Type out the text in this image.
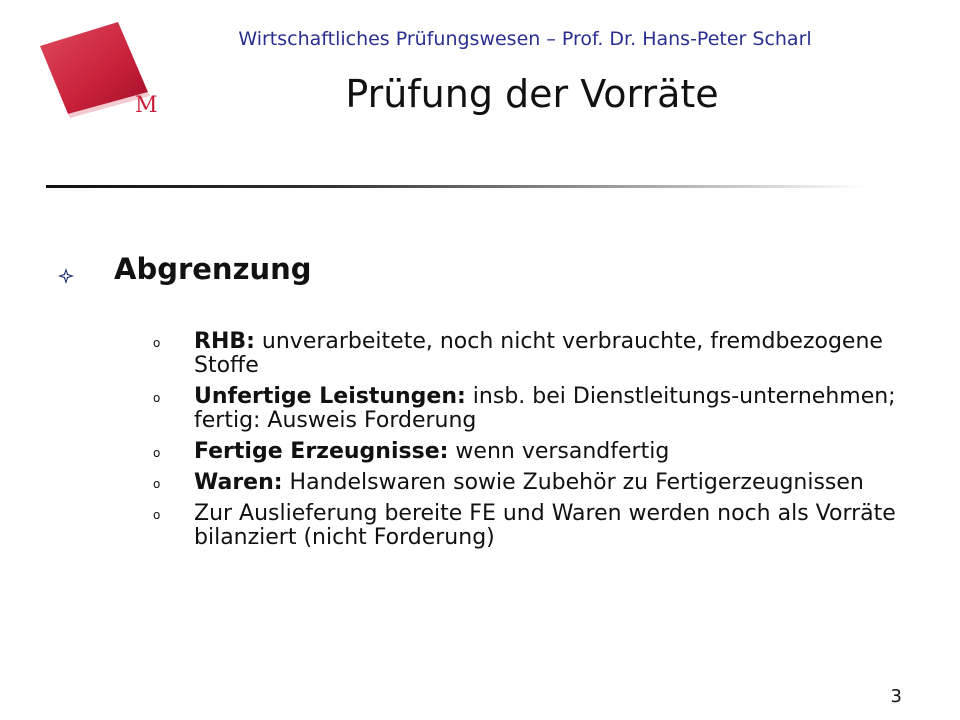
M
Wirtschaftliches Prüfungswesen – Prof. Dr. Hans-Peter Scharl
Prüfung der Vorräte
Abgrenzung
o RHB: unverarbeitete, noch nicht verbrauchte, fremdbezogene Stoffe
o Unfertige Leistungen: insb. bei Dienstleitungs-unternehmen; fertig: Ausweis Forderung
o Fertige Erzeugnisse: wenn versandfertig
o Waren: Handelswaren sowie Zubehör zu Fertigerzeugnissen
o Zur Auslieferung bereite FE und Waren werden noch als Vorräte bilanziert (nicht Forderung)
3
